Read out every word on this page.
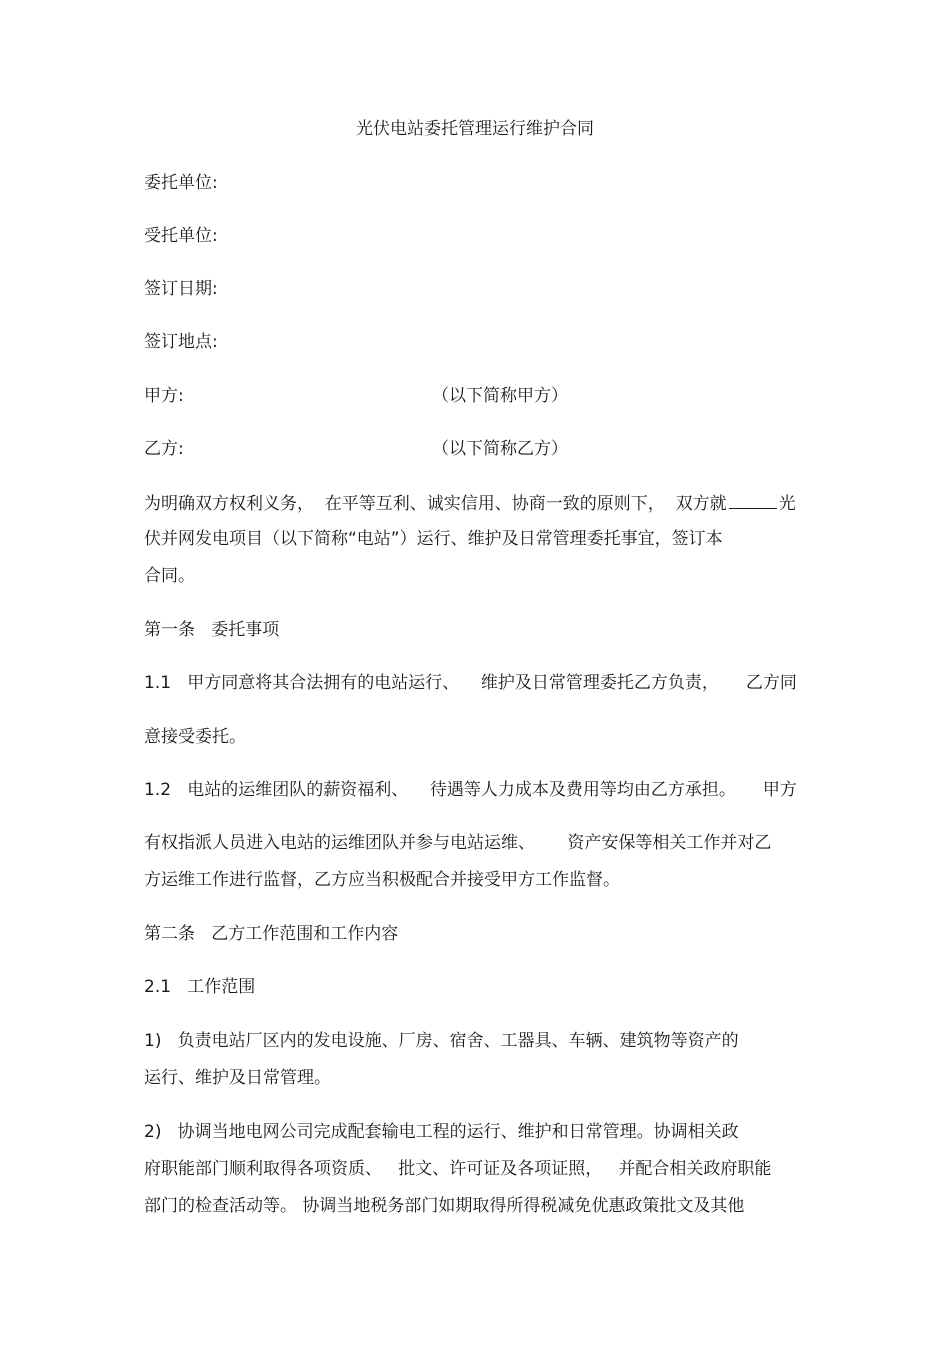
光伏电站委托管理运行维护合同
委托单位:
受托单位:
签订日期:
签订地点:
甲方:	（以下简称甲方）
乙方:	（以下简称乙方）
为明确双方权利义务，  在平等互利、诚实信用、协商一致的原则下，  双方就	光
伏并网发电项目（以下简称“电站”）运行、维护及日常管理委托事宜，签订本
合同。
第一条   委托事项
1.1   甲方同意将其合法拥有的电站运行、    维护及日常管理委托乙方负责，     乙方同
意接受委托。
1.2   电站的运维团队的薪资福利、    待遇等人力成本及费用等均由乙方承担。     甲方
有权指派人员进入电站的运维团队并参与电站运维、      资产安保等相关工作并对乙
方运维工作进行监督，乙方应当积极配合并接受甲方工作监督。
第二条   乙方工作范围和工作内容
2.1   工作范围
1)   负责电站厂区内的发电设施、厂房、宿舍、工器具、车辆、建筑物等资产的
运行、维护及日常管理。
2)   协调当地电网公司完成配套输电工程的运行、维护和日常管理。协调相关政
府职能部门顺利取得各项资质、   批文、许可证及各项证照，   并配合相关政府职能
部门的检查活动等。 协调当地税务部门如期取得所得税减免优惠政策批文及其他
